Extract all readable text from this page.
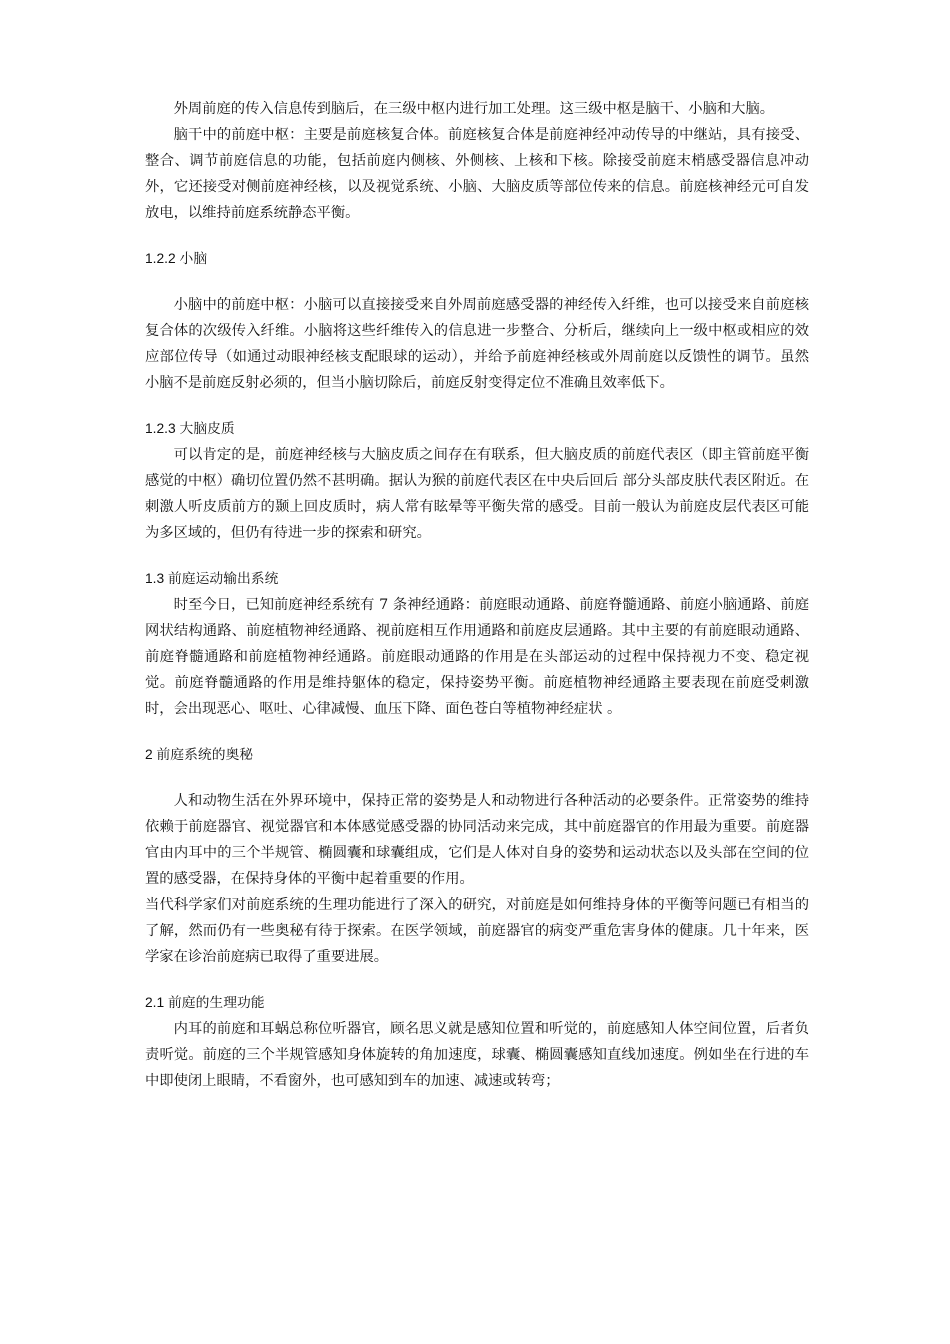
外周前庭的传入信息传到脑后，在三级中枢内进行加工处理。这三级中枢是脑干、小脑和大脑。

脑干中的前庭中枢：主要是前庭核复合体。前庭核复合体是前庭神经冲动传导的中继站，具有接受、整合、调节前庭信息的功能，包括前庭内侧核、外侧核、上核和下核。除接受前庭末梢感受器信息冲动外，它还接受对侧前庭神经核，以及视觉系统、小脑、大脑皮质等部位传来的信息。前庭核神经元可自发放电，以维持前庭系统静态平衡。

1.2.2 小脑

小脑中的前庭中枢：小脑可以直接接受来自外周前庭感受器的神经传入纤维，也可以接受来自前庭核复合体的次级传入纤维。小脑将这些纤维传入的信息进一步整合、分析后，继续向上一级中枢或相应的效应部位传导（如通过动眼神经核支配眼球的运动），并给予前庭神经核或外周前庭以反馈性的调节。虽然小脑不是前庭反射必须的，但当小脑切除后，前庭反射变得定位不准确且效率低下。

1.2.3 大脑皮质

可以肯定的是，前庭神经核与大脑皮质之间存在有联系，但大脑皮质的前庭代表区（即主管前庭平衡感觉的中枢）确切位置仍然不甚明确。据认为猴的前庭代表区在中央后回后 部分头部皮肤代表区附近。在刺激人听皮质前方的颞上回皮质时，病人常有眩晕等平衡失常的感受。目前一般认为前庭皮层代表区可能为多区域的，但仍有待进一步的探索和研究。

1.3 前庭运动输出系统

时至今日，已知前庭神经系统有 7 条神经通路：前庭眼动通路、前庭脊髓通路、前庭小脑通路、前庭网状结构通路、前庭植物神经通路、视前庭相互作用通路和前庭皮层通路。其中主要的有前庭眼动通路、前庭脊髓通路和前庭植物神经通路。前庭眼动通路的作用是在头部运动的过程中保持视力不变、稳定视觉。前庭脊髓通路的作用是维持躯体的稳定，保持姿势平衡。前庭植物神经通路主要表现在前庭受刺激时，会出现恶心、呕吐、心律减慢、血压下降、面色苍白等植物神经症状 。

2 前庭系统的奥秘

人和动物生活在外界环境中，保持正常的姿势是人和动物进行各种活动的必要条件。正常姿势的维持依赖于前庭器官、视觉器官和本体感觉感受器的协同活动来完成，其中前庭器官的作用最为重要。前庭器官由内耳中的三个半规管、椭圆囊和球囊组成，它们是人体对自身的姿势和运动状态以及头部在空间的位置的感受器，在保持身体的平衡中起着重要的作用。

当代科学家们对前庭系统的生理功能进行了深入的研究，对前庭是如何维持身体的平衡等问题已有相当的了解，然而仍有一些奥秘有待于探索。在医学领域，前庭器官的病变严重危害身体的健康。几十年来，医学家在诊治前庭病已取得了重要进展。

2.1 前庭的生理功能

内耳的前庭和耳蜗总称位听器官，顾名思义就是感知位置和听觉的，前庭感知人体空间位置，后者负责听觉。前庭的三个半规管感知身体旋转的角加速度，球囊、椭圆囊感知直线加速度。例如坐在行进的车中即使闭上眼睛，不看窗外，也可感知到车的加速、减速或转弯；
